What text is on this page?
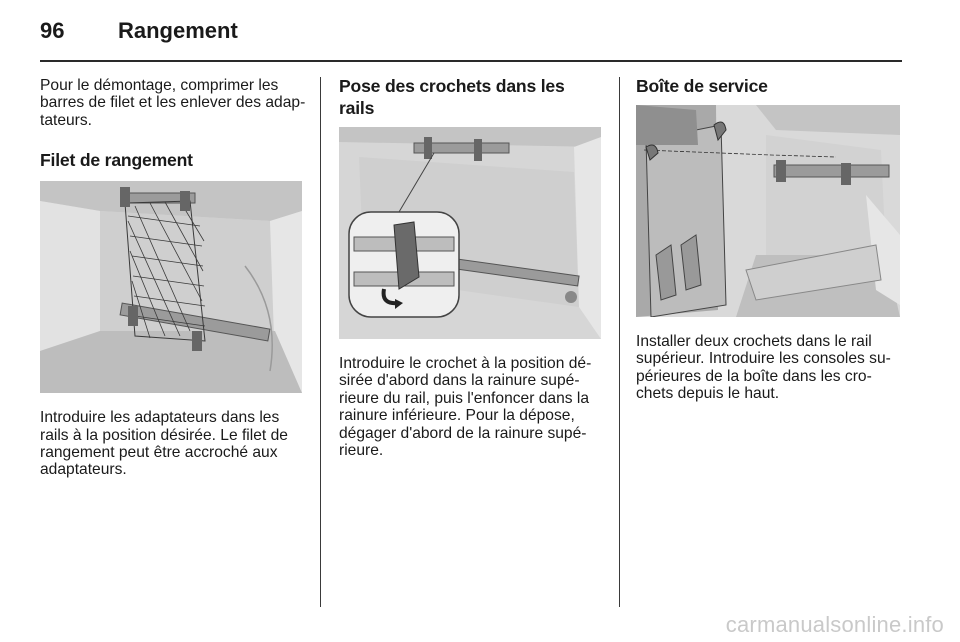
96 Rangement

Pour le démontage, comprimer les barres de filet et les enlever des adaptateurs.

Filet de rangement

Introduire les adaptateurs dans les rails à la position désirée. Le filet de rangement peut être accroché aux adaptateurs.

Pose des crochets dans les rails

Introduire le crochet à la position désirée d'abord dans la rainure supérieure du rail, puis l'enfoncer dans la rainure inférieure. Pour la dépose, dégager d'abord de la rainure supérieure.

Boîte de service

Installer deux crochets dans le rail supérieur. Introduire les consoles supérieures de la boîte dans les crochets depuis le haut.

carmanualsonline.info
